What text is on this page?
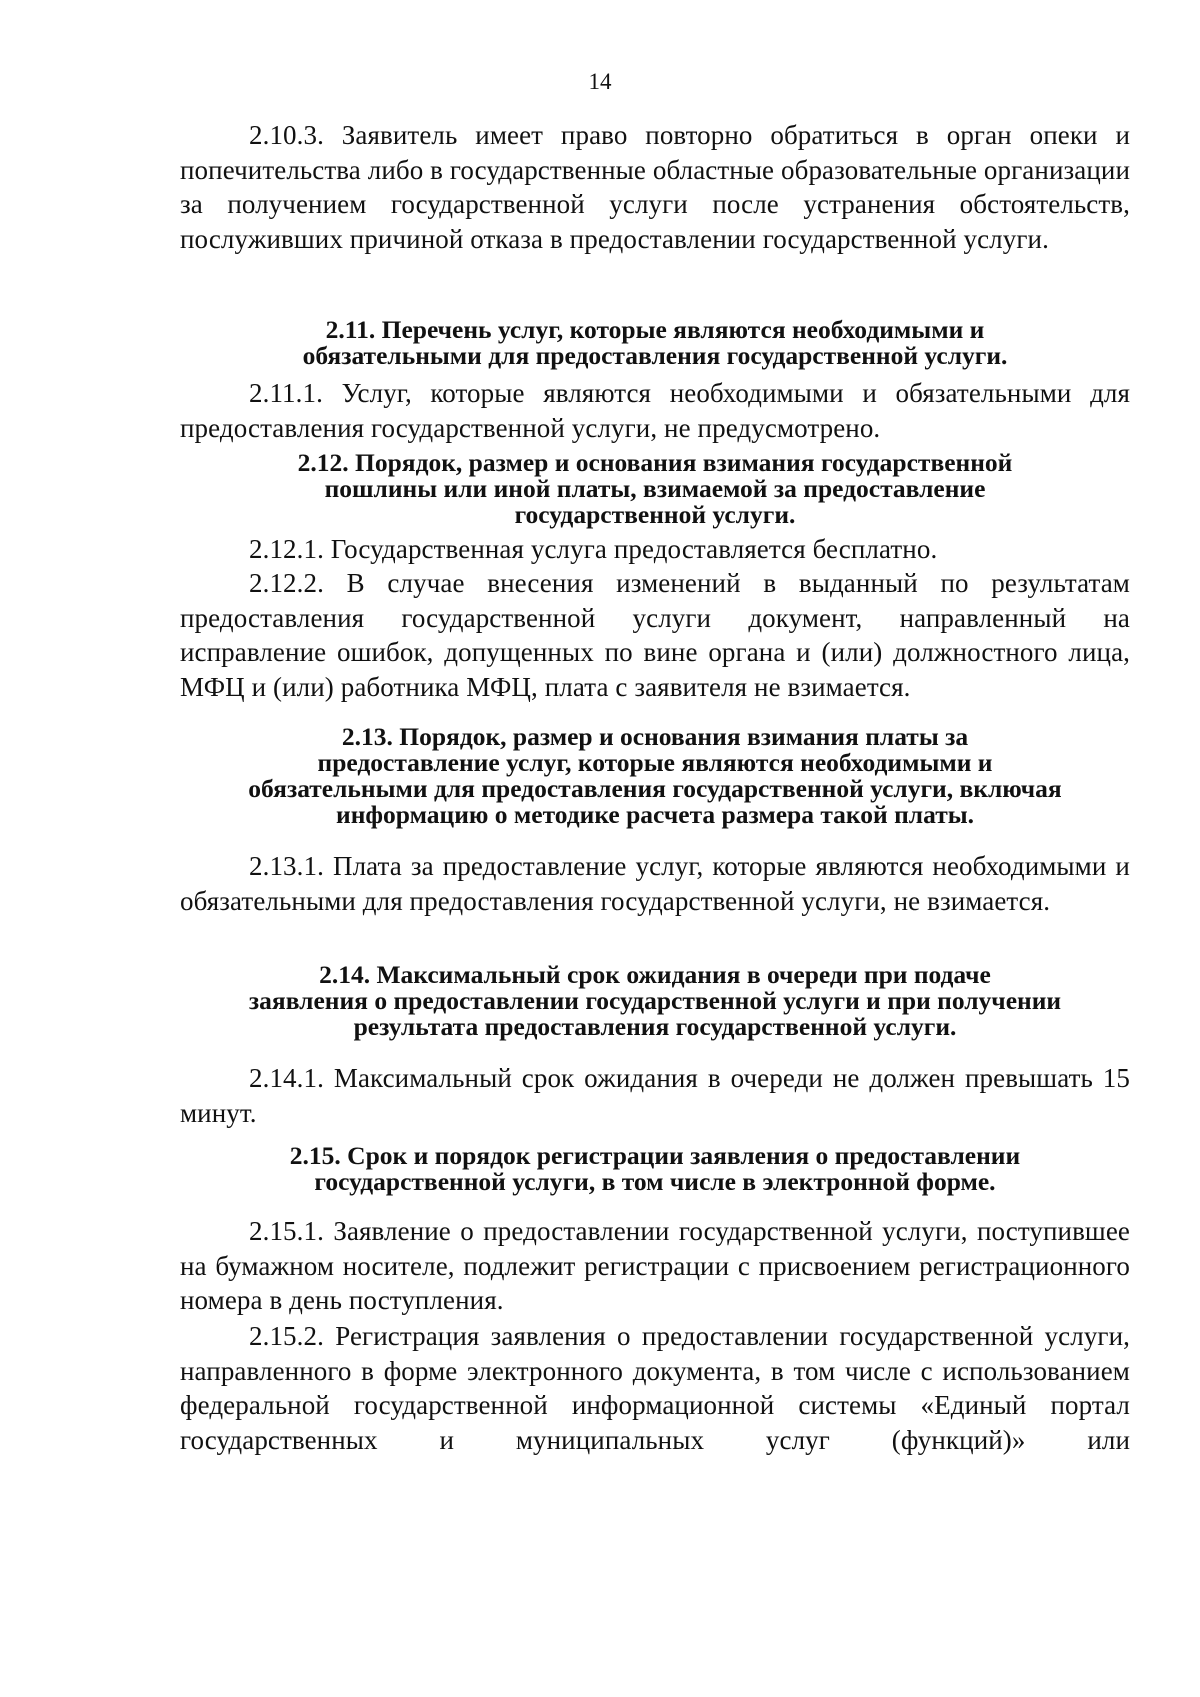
14

2.10.3. Заявитель имеет право повторно обратиться в орган опеки и попечительства либо в государственные областные образовательные организации за получением государственной услуги после устранения обстоятельств, послуживших причиной отказа в предоставлении государственной услуги.

2.11. Перечень услуг, которые являются необходимыми и
обязательными для предоставления государственной услуги.

2.11.1. Услуг, которые являются необходимыми и обязательными для предоставления государственной услуги, не предусмотрено.

2.12. Порядок, размер и основания взимания государственной
пошлины или иной платы, взимаемой за предоставление
государственной услуги.

2.12.1. Государственная услуга предоставляется бесплатно.

2.12.2. В случае внесения изменений в выданный по результатам предоставления государственной услуги документ, направленный на исправление ошибок, допущенных по вине органа и (или) должностного лица, МФЦ и (или) работника МФЦ, плата с заявителя не взимается.

2.13. Порядок, размер и основания взимания платы за
предоставление услуг, которые являются необходимыми и
обязательными для предоставления государственной услуги, включая
информацию о методике расчета размера такой платы.

2.13.1. Плата за предоставление услуг, которые являются необходимыми и обязательными для предоставления государственной услуги, не взимается.

2.14. Максимальный срок ожидания в очереди при подаче
заявления о предоставлении государственной услуги и при получении
результата предоставления государственной услуги.

2.14.1. Максимальный срок ожидания в очереди не должен превышать 15 минут.

2.15. Срок и порядок регистрации заявления о предоставлении
государственной услуги, в том числе в электронной форме.

2.15.1. Заявление о предоставлении государственной услуги, поступившее на бумажном носителе, подлежит регистрации с присвоением регистрационного номера в день поступления.

2.15.2. Регистрация заявления о предоставлении государственной услуги, направленного в форме электронного документа, в том числе с использованием федеральной государственной информационной системы «Единый портал государственных и муниципальных услуг (функций)» или
